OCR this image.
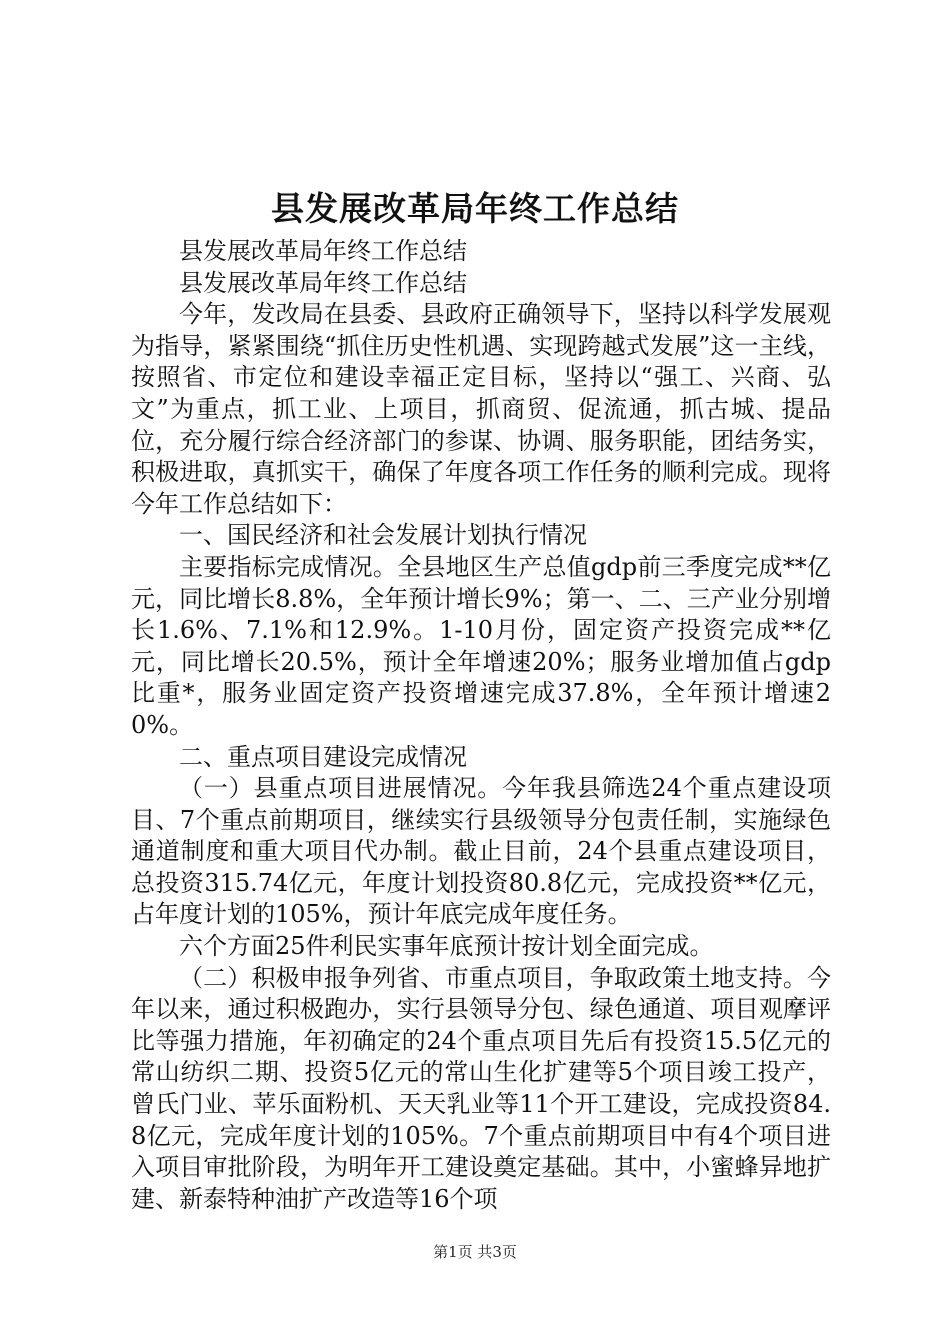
县发展改革局年终工作总结

县发展改革局年终工作总结

县发展改革局年终工作总结

今年，发改局在县委、县政府正确领导下，坚持以科学发展观为指导，紧紧围绕“抓住历史性机遇、实现跨越式发展”这一主线，按照省、市定位和建设幸福正定目标，坚持以“强工、兴商、弘文”为重点，抓工业、上项目，抓商贸、促流通，抓古城、提品位，充分履行综合经济部门的参谋、协调、服务职能，团结务实，积极进取，真抓实干，确保了年度各项工作任务的顺利完成。现将今年工作总结如下：

一、国民经济和社会发展计划执行情况

主要指标完成情况。全县地区生产总值gdp前三季度完成**亿元，同比增长8.8%，全年预计增长9%；第一、二、三产业分别增长1.6%、7.1%和12.9%。1-10月份，固定资产投资完成**亿元，同比增长20.5%，预计全年增速20%；服务业增加值占gdp比重*，服务业固定资产投资增速完成37.8%，全年预计增速20%。

二、重点项目建设完成情况

（一）县重点项目进展情况。今年我县筛选24个重点建设项目、7个重点前期项目，继续实行县级领导分包责任制，实施绿色通道制度和重大项目代办制。截止目前，24个县重点建设项目，总投资315.74亿元，年度计划投资80.8亿元，完成投资**亿元，占年度计划的105%，预计年底完成年度任务。

六个方面25件利民实事年底预计按计划全面完成。

（二）积极申报争列省、市重点项目，争取政策土地支持。今年以来，通过积极跑办，实行县领导分包、绿色通道、项目观摩评比等强力措施，年初确定的24个重点项目先后有投资15.5亿元的常山纺织二期、投资5亿元的常山生化扩建等5个项目竣工投产，曾氏门业、苹乐面粉机、天天乳业等11个开工建设，完成投资84.8亿元，完成年度计划的105%。7个重点前期项目中有4个项目进入项目审批阶段，为明年开工建设奠定基础。其中，小蜜蜂异地扩建、新泰特种油扩产改造等16个项

第1页 共3页
